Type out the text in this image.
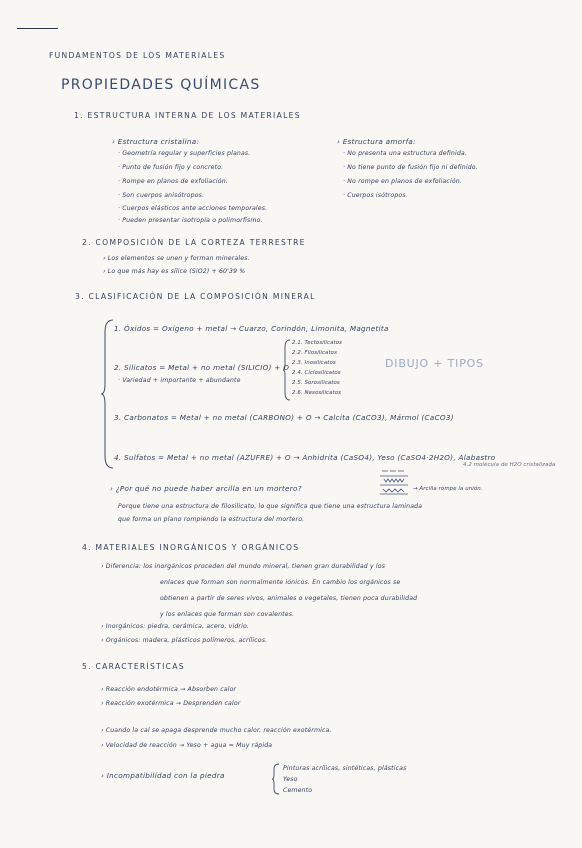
FUNDAMENTOS DE LOS MATERIALES
PROPIEDADES QUÍMICAS
1. ESTRUCTURA INTERNA DE LOS MATERIALES
› Estructura cristalina:
· Geometría regular y superficies planas.
· Punto de fusión fijo y concreto.
· Rompe en planos de exfoliación.
· Son cuerpos anisótropos.
· Cuerpos elásticos ante acciones temporales.
· Pueden presentar isotropía o polimorfismo.
› Estructura amorfa:
· No presenta una estructura definida.
· No tiene punto de fusión fijo ni definido.
· No rompe en planos de exfoliación.
· Cuerpos isótropos.
2. COMPOSICIÓN DE LA CORTEZA TERRESTRE
› Los elementos se unen y forman minerales.
› Lo que más hay es sílice (SiO2) + 60'39 %
3. CLASIFICACIÓN DE LA COMPOSICIÓN MINERAL
1. Óxidos = Oxígeno + metal → Cuarzo, Corindón, Limonita, Magnetita
2. Silicatos = Metal + no metal (SILICIO) + O
· Variedad + importante + abundante
2.1. Tectosilicatos
2.2. Filosilicatos
2.3. Inosilicatos
2.4. Ciclosilicatos
2.5. Sorosilicatos
2.6. Nesosilicatos
DIBUJO + TIPOS
3. Carbonatos = Metal + no metal (CARBONO) + O → Calcita (CaCO3), Mármol (CaCO3)
4. Sulfatos = Metal + no metal (AZUFRE) + O → Anhidrita (CaSO4), Yeso (CaSO4·2H2O), Alabastro
4.2 molécula de H2O cristalizada
› ¿Por qué no puede haber arcilla en un mortero?	→ Arcilla rompe la unión.
Porque tiene una estructura de filosilicato, lo que significa que tiene una estructura laminada
que forma un plano rompiendo la estructura del mortero.
4. MATERIALES INORGÁNICOS Y ORGÁNICOS
› Diferencia: los inorgánicos proceden del mundo mineral, tienen gran durabilidad y los
enlaces que forman son normalmente iónicos. En cambio los orgánicos se
obtienen a partir de seres vivos, animales o vegetales, tienen poca durabilidad
y los enlaces que forman son covalentes.
› Inorgánicos: piedra, cerámica, acero, vidrio.
› Orgánicos: madera, plásticos polímeros, acrílicos.
5. CARACTERÍSTICAS
› Reacción endotérmica → Absorben calor
› Reacción exotérmica → Desprenden calor
› Cuando la cal se apaga desprende mucho calor, reacción exotérmica.
› Velocidad de reacción → Yeso + agua = Muy rápida
› Incompatibilidad con la piedra
Pinturas acrílicas, sintéticas, plásticas
Yeso
Cemento
